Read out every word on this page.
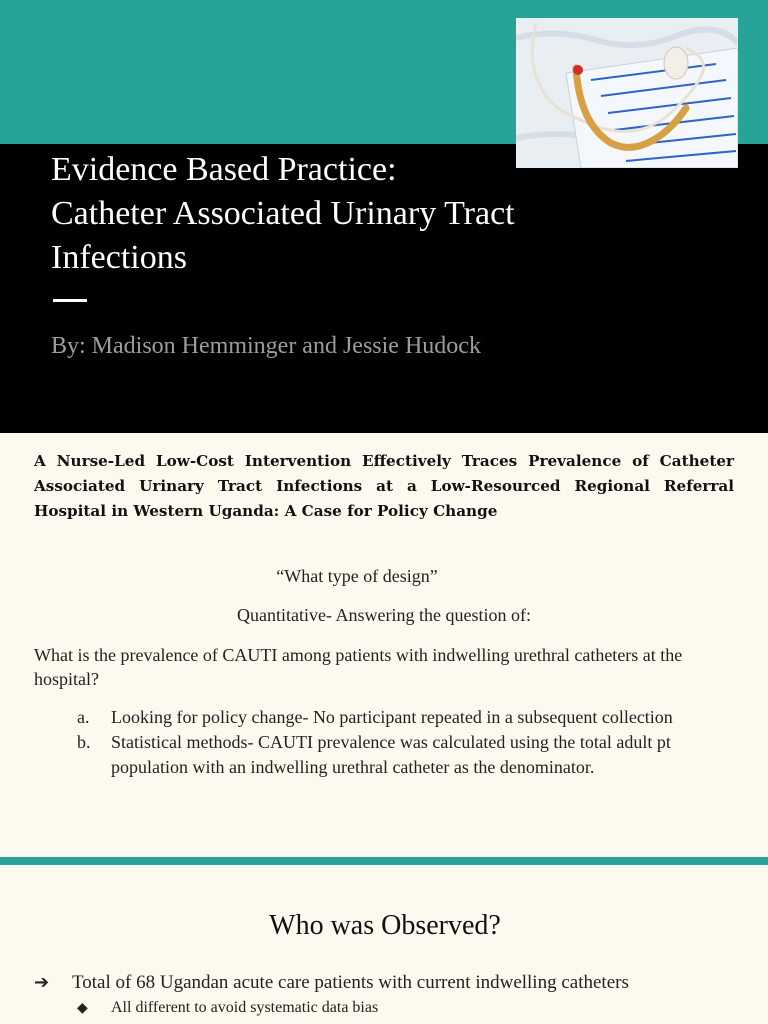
Evidence Based Practice:
Catheter Associated Urinary Tract
Infections
By: Madison Hemminger and Jessie Hudock
A Nurse-Led Low-Cost Intervention Effectively Traces Prevalence of Catheter Associated Urinary Tract Infections at a Low-Resourced Regional Referral Hospital in Western Uganda: A Case for Policy Change
“What type of design”
Quantitative- Answering the question of:
What is the prevalence of CAUTI among patients with indwelling urethral catheters at the hospital?
a. Looking for policy change- No participant repeated in a subsequent collection
b. Statistical methods- CAUTI prevalence was calculated using the total adult pt population with an indwelling urethral catheter as the denominator.
Who was Observed?
➔ Total of 68 Ugandan acute care patients with current indwelling catheters
◆ All different to avoid systematic data bias
